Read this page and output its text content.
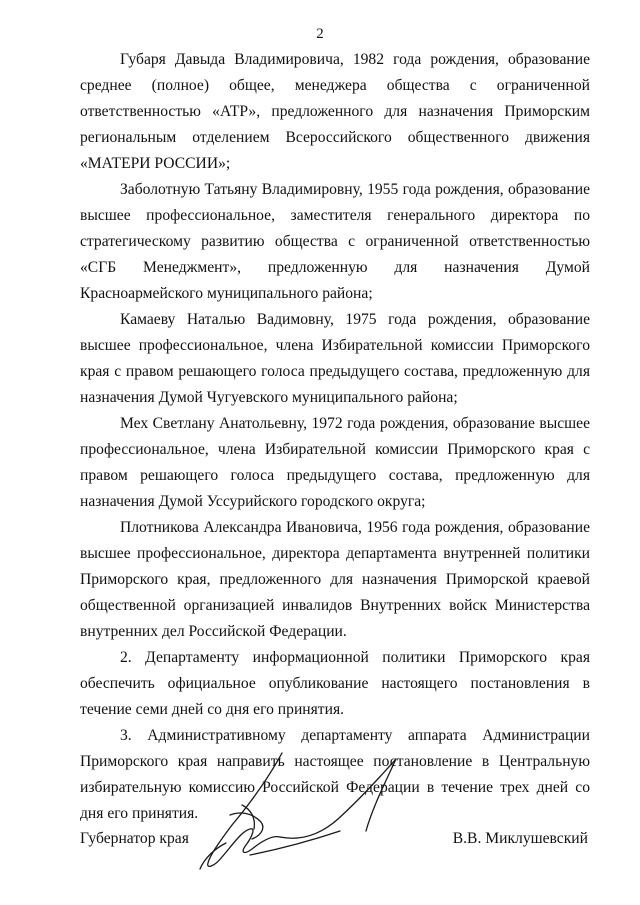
2

Губаря Давыда Владимировича, 1982 года рождения, образование среднее (полное) общее, менеджера общества с ограниченной ответственностью «АТР», предложенного для назначения Приморским региональным отделением Всероссийского общественного движения «МАТЕРИ РОССИИ»;

Заболотную Татьяну Владимировну, 1955 года рождения, образование высшее профессиональное, заместителя генерального директора по стратегическому развитию общества с ограниченной ответственностью «СГБ Менеджмент», предложенную для назначения Думой Красноармейского муниципального района;

Камаеву Наталью Вадимовну, 1975 года рождения, образование высшее профессиональное, члена Избирательной комиссии Приморского края с правом решающего голоса предыдущего состава, предложенную для назначения Думой Чугуевского муниципального района;

Мех Светлану Анатольевну, 1972 года рождения, образование высшее профессиональное, члена Избирательной комиссии Приморского края с правом решающего голоса предыдущего состава, предложенную для назначения Думой Уссурийского городского округа;

Плотникова Александра Ивановича, 1956 года рождения, образование высшее профессиональное, директора департамента внутренней политики Приморского края, предложенного для назначения Приморской краевой общественной организацией инвалидов Внутренних войск Министерства внутренних дел Российской Федерации.

2. Департаменту информационной политики Приморского края обеспечить официальное опубликование настоящего постановления в течение семи дней со дня его принятия.

3. Административному департаменту аппарата Администрации Приморского края направить настоящее постановление в Центральную избирательную комиссию Российской Федерации в течение трех дней со дня его принятия.

Губернатор края	В.В. Миклушевский
